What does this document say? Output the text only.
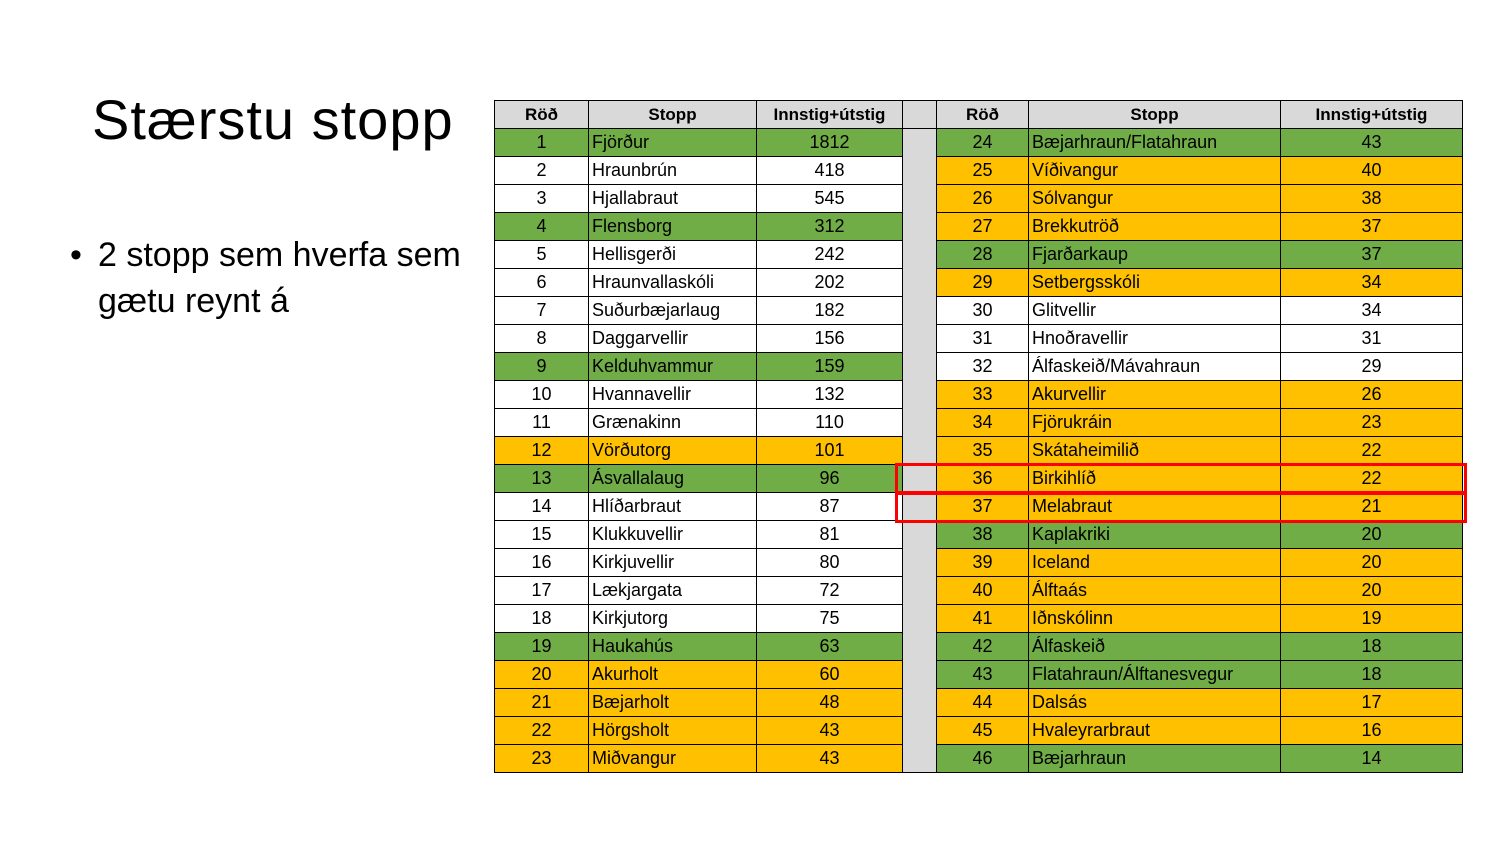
Stærstu stopp
• 2 stopp sem hverfa sem gætu reynt á
Röð	Stopp	Innstig+útstig		Röð	Stopp	Innstig+útstig
1	Fjörður	1812		24	Bæjarhraun/Flatahraun	43
2	Hraunbrún	418		25	Víðivangur	40
3	Hjallabraut	545		26	Sólvangur	38
4	Flensborg	312		27	Brekkutröð	37
5	Hellisgerði	242		28	Fjarðarkaup	37
6	Hraunvallaskóli	202		29	Setbergsskóli	34
7	Suðurbæjarlaug	182		30	Glitvellir	34
8	Daggarvellir	156		31	Hnoðravellir	31
9	Kelduhvammur	159		32	Álfaskeið/Mávahraun	29
10	Hvannavellir	132		33	Akurvellir	26
11	Grænakinn	110		34	Fjörukráin	23
12	Vörðutorg	101		35	Skátaheimilið	22
13	Ásvallalaug	96		36	Birkihlíð	22
14	Hlíðarbraut	87		37	Melabraut	21
15	Klukkuvellir	81		38	Kaplakriki	20
16	Kirkjuvellir	80		39	Iceland	20
17	Lækjargata	72		40	Álftaás	20
18	Kirkjutorg	75		41	Iðnskólinn	19
19	Haukahús	63		42	Álfaskeið	18
20	Akurholt	60		43	Flatahraun/Álftanesvegur	18
21	Bæjarholt	48		44	Dalsás	17
22	Hörgsholt	43		45	Hvaleyrarbraut	16
23	Miðvangur	43		46	Bæjarhraun	14
